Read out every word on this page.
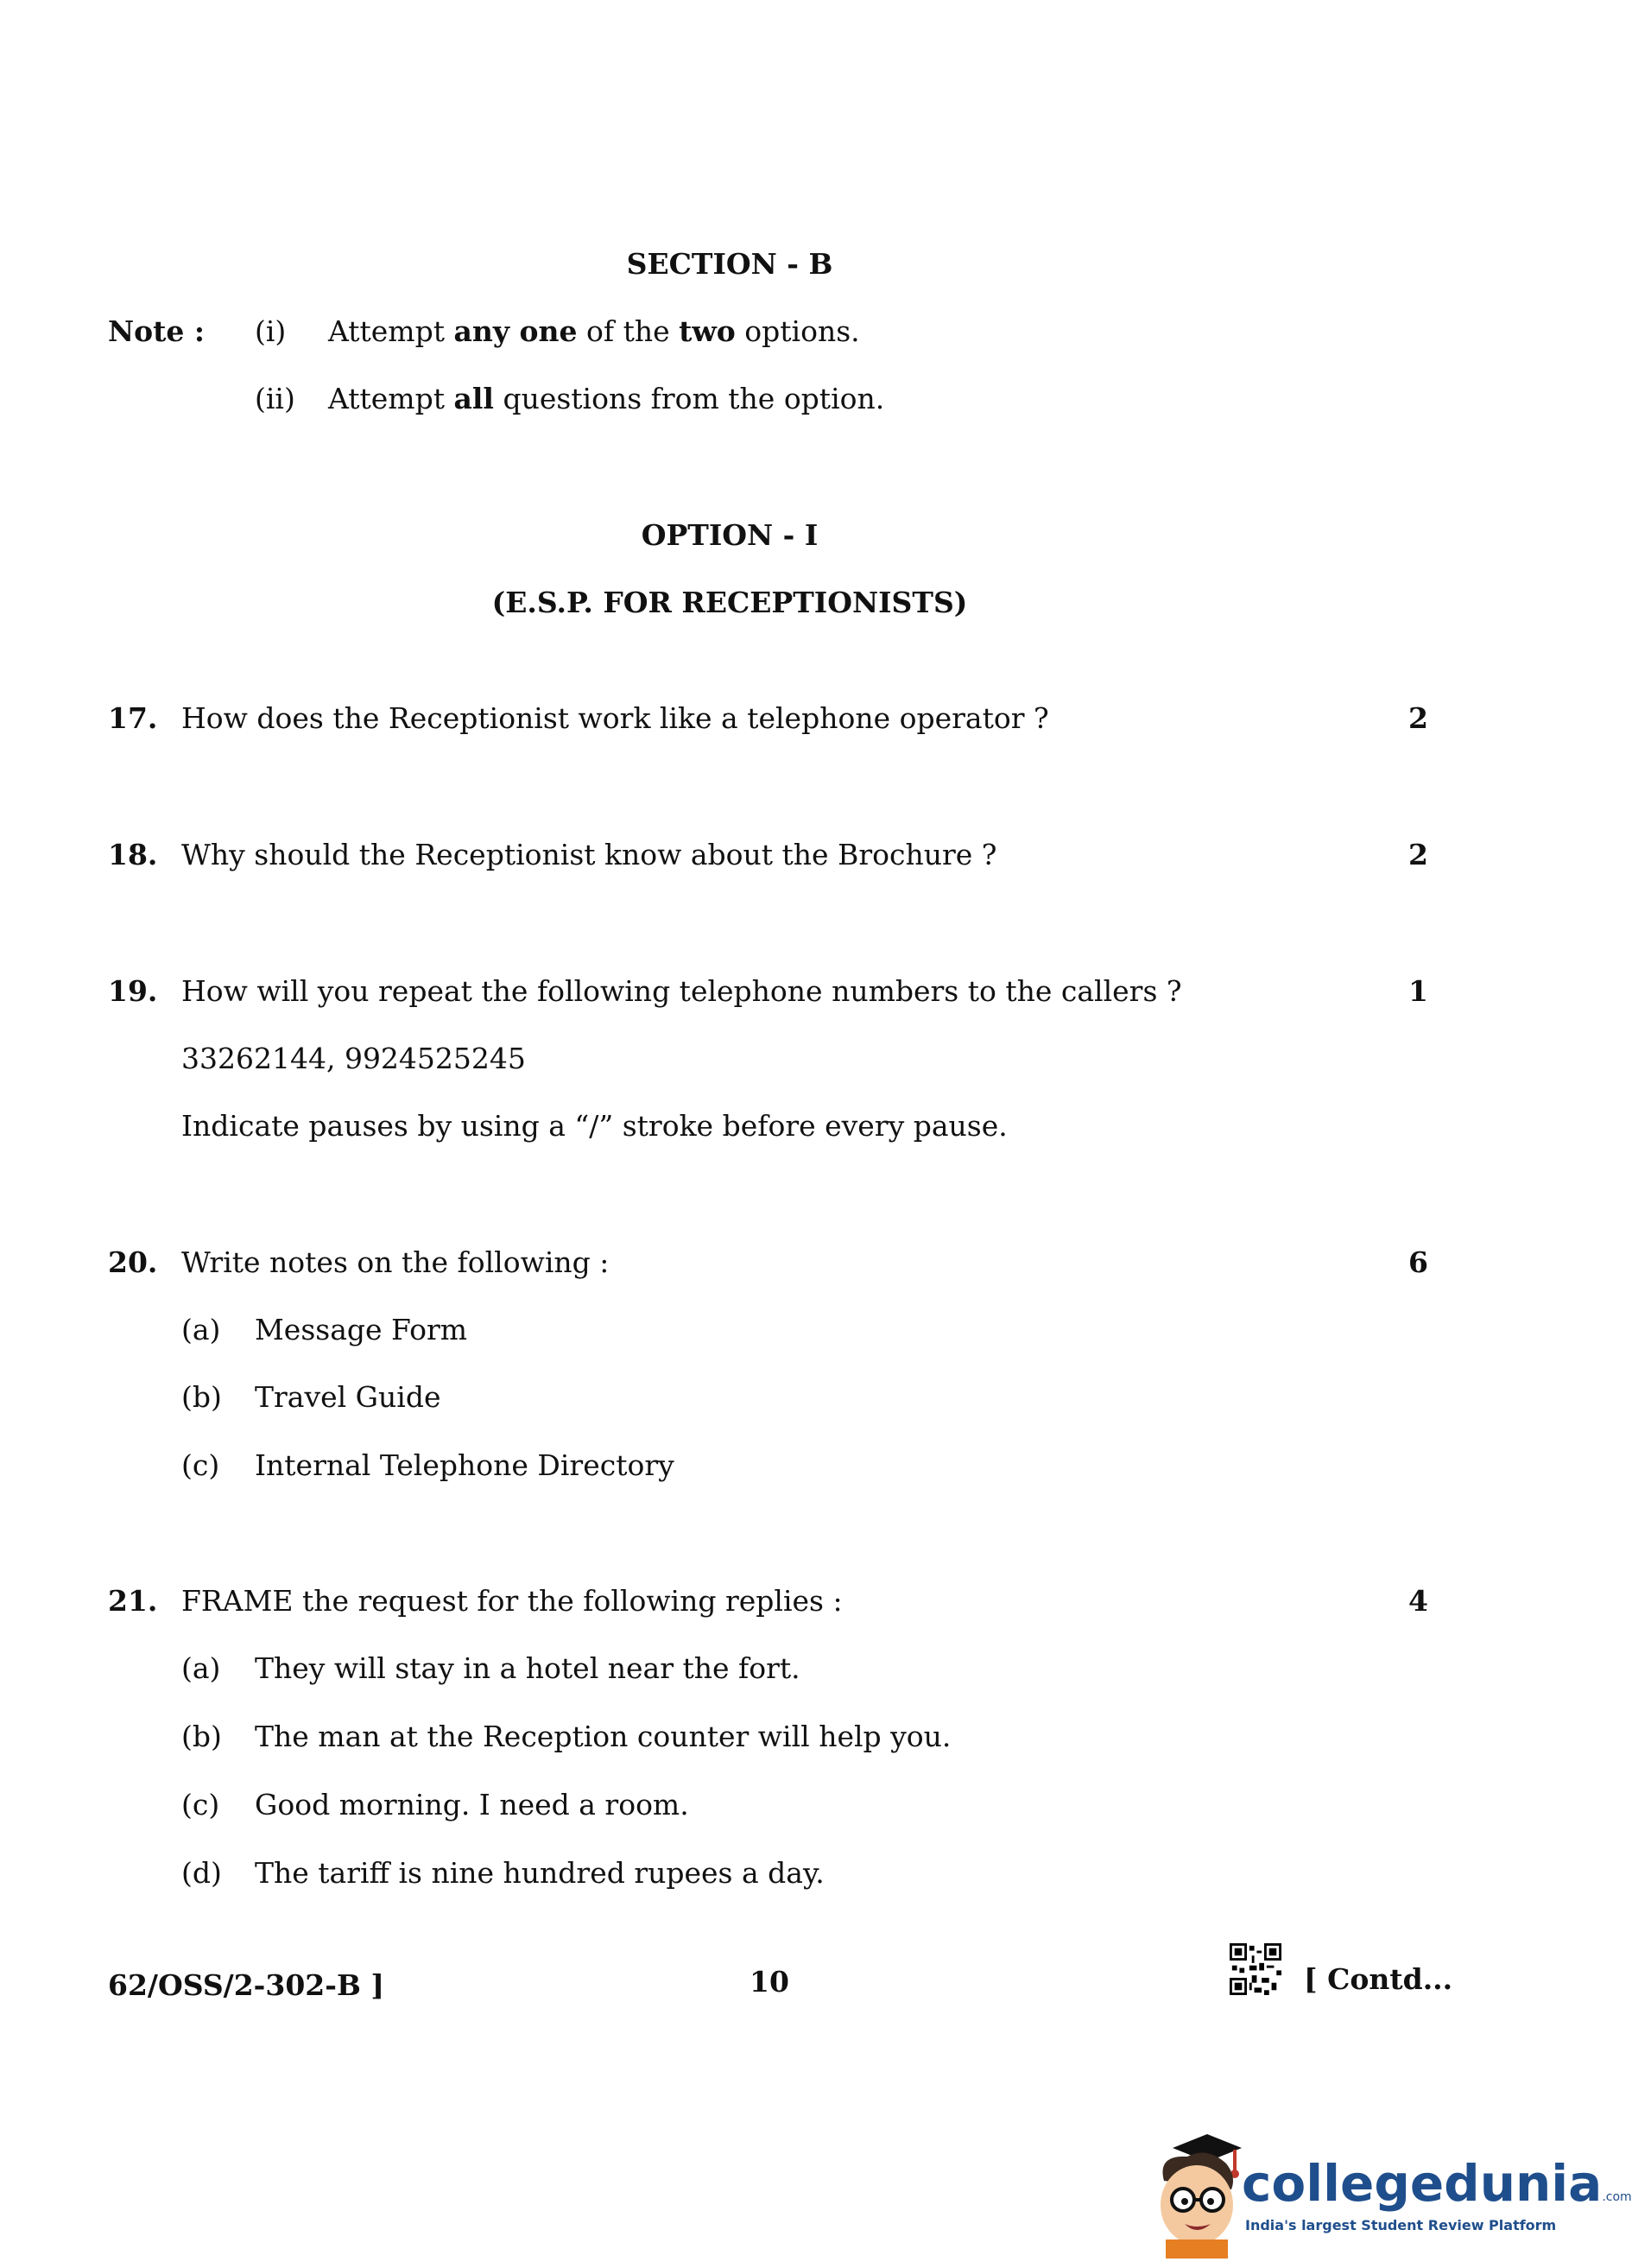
SECTION - B
Note : (i) Attempt any one of the two options.
(ii) Attempt all questions from the option.
OPTION - I
(E.S.P. FOR RECEPTIONISTS)
17. How does the Receptionist work like a telephone operator ?	2
18. Why should the Receptionist know about the Brochure ?	2
19. How will you repeat the following telephone numbers to the callers ?	1
33262144, 9924525245
Indicate pauses by using a “/” stroke before every pause.
20. Write notes on the following :	6
(a) Message Form
(b) Travel Guide
(c) Internal Telephone Directory
21. FRAME the request for the following replies :	4
(a) They will stay in a hotel near the fort.
(b) The man at the Reception counter will help you.
(c) Good morning. I need a room.
(d) The tariff is nine hundred rupees a day.
62/OSS/2-302-B ]	10	[ Contd...
collegedunia.com
India's largest Student Review Platform
